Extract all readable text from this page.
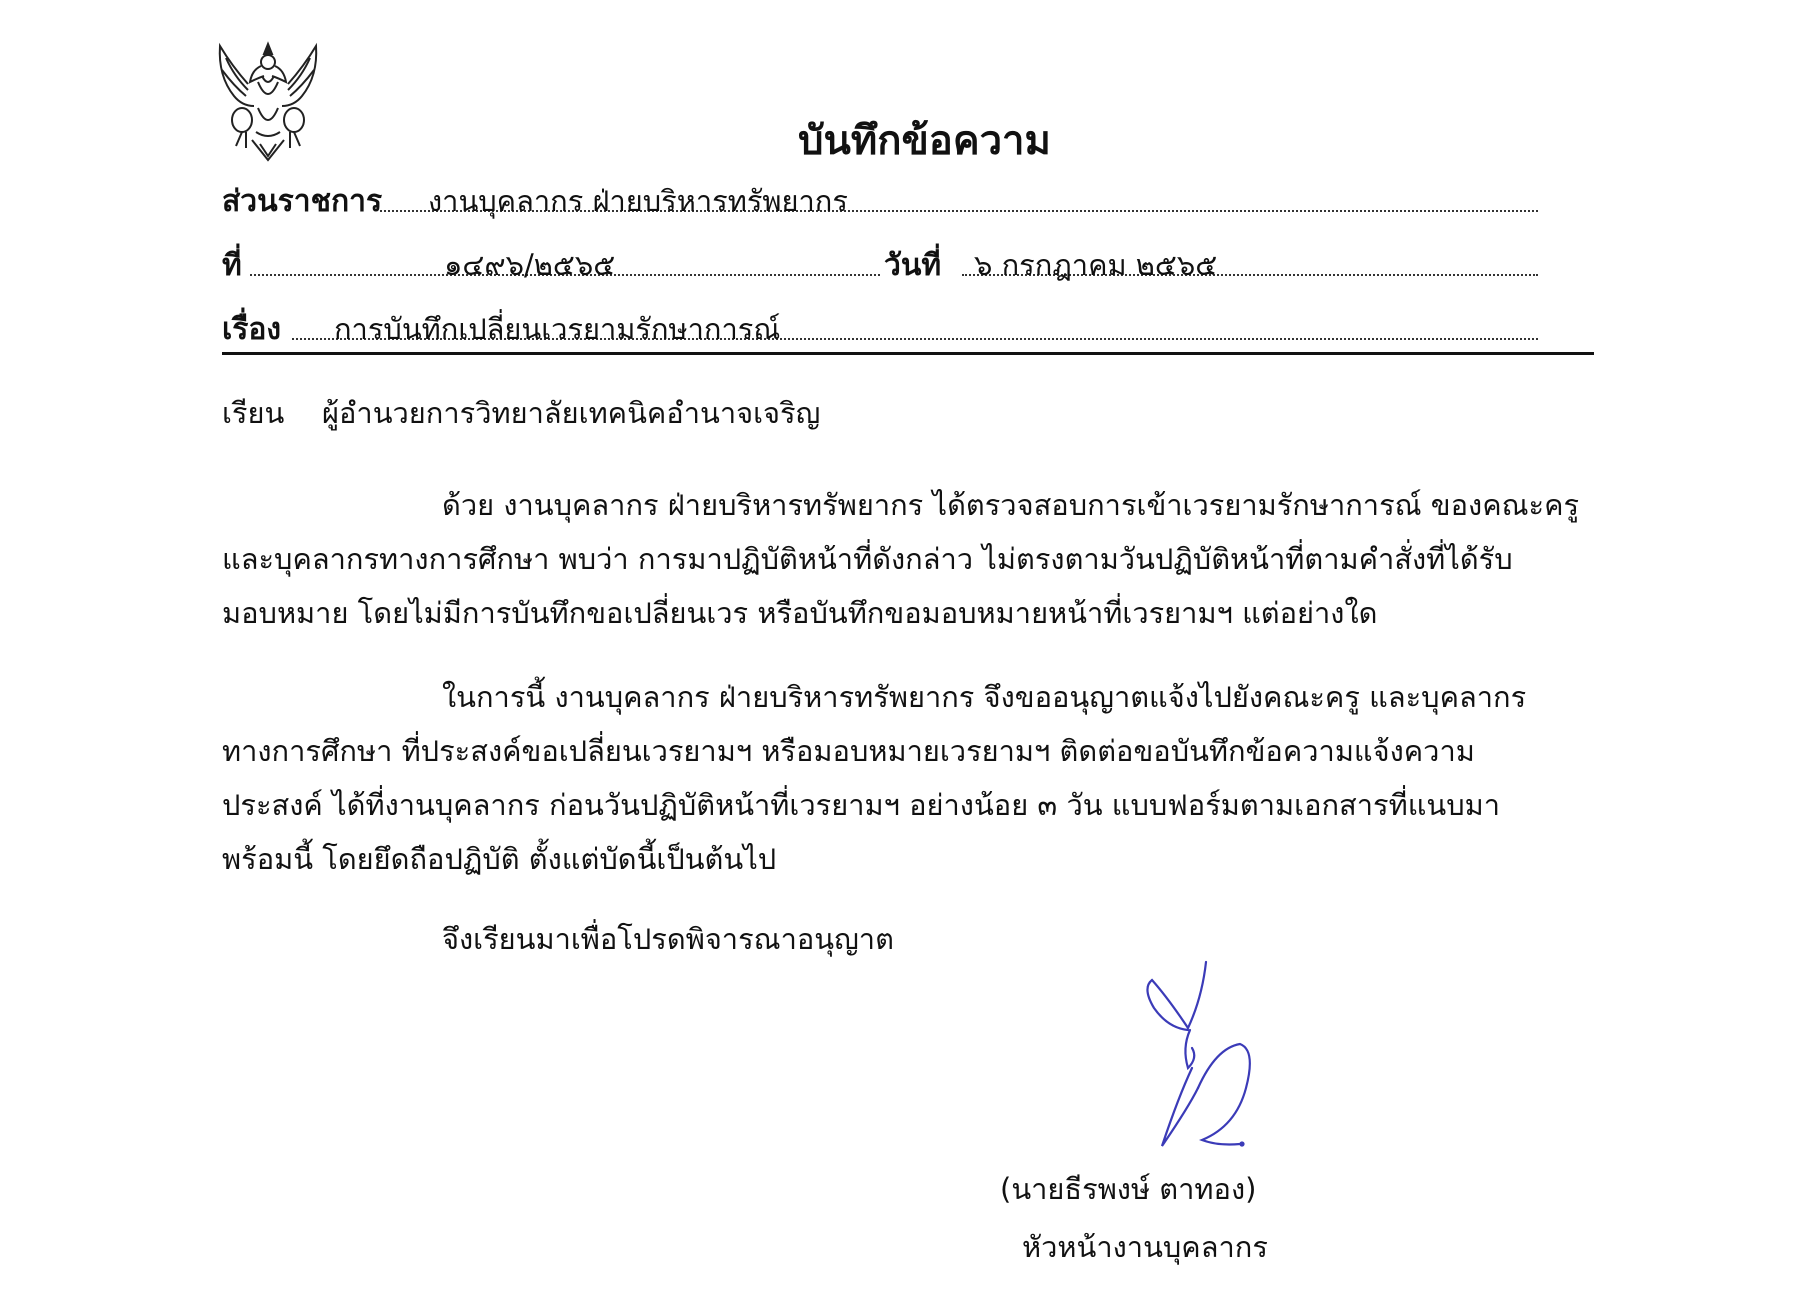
บันทึกข้อความ
ส่วนราชการ งานบุคลากร ฝ่ายบริหารทรัพยากร
ที่	๑๔๙๖/๒๕๖๕	วันที่ ๖ กรกฎาคม ๒๕๖๕
เรื่อง การบันทึกเปลี่ยนเวรยามรักษาการณ์
เรียน ผู้อำนวยการวิทยาลัยเทคนิคอำนาจเจริญ
ด้วย งานบุคลากร ฝ่ายบริหารทรัพยากร ได้ตรวจสอบการเข้าเวรยามรักษาการณ์ ของคณะครู
และบุคลากรทางการศึกษา พบว่า การมาปฏิบัติหน้าที่ดังกล่าว ไม่ตรงตามวันปฏิบัติหน้าที่ตามคำสั่งที่ได้รับ
มอบหมาย โดยไม่มีการบันทึกขอเปลี่ยนเวร หรือบันทึกขอมอบหมายหน้าที่เวรยามฯ แต่อย่างใด
ในการนี้ งานบุคลากร ฝ่ายบริหารทรัพยากร จึงขออนุญาตแจ้งไปยังคณะครู และบุคลากร
ทางการศึกษา ที่ประสงค์ขอเปลี่ยนเวรยามฯ หรือมอบหมายเวรยามฯ ติดต่อขอบันทึกข้อความแจ้งความ
ประสงค์ ได้ที่งานบุคลากร ก่อนวันปฏิบัติหน้าที่เวรยามฯ อย่างน้อย ๓ วัน แบบฟอร์มตามเอกสารที่แนบมา
พร้อมนี้ โดยยึดถือปฏิบัติ ตั้งแต่บัดนี้เป็นต้นไป
จึงเรียนมาเพื่อโปรดพิจารณาอนุญาต
(นายธีรพงษ์ ตาทอง)
หัวหน้างานบุคลากร
